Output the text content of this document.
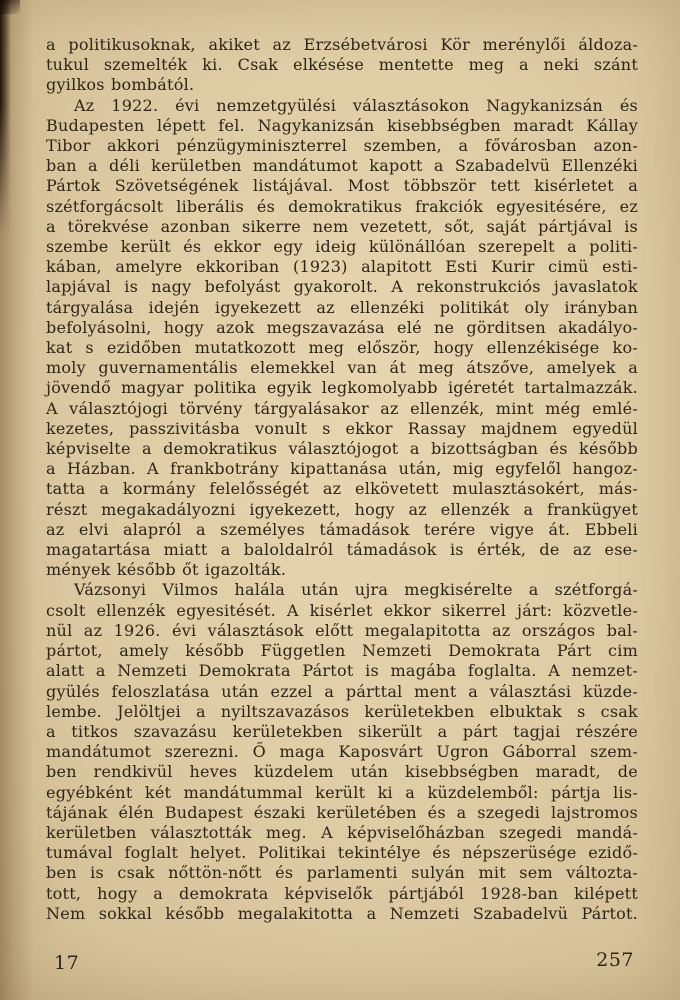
a politikusoknak, akiket az Erzsébetvárosi Kör merénylői áldoza-
tukul szemelték ki. Csak elkésése mentette meg a neki szánt
gyilkos bombától.
Az 1922. évi nemzetgyülési választásokon Nagykanizsán és
Budapesten lépett fel. Nagykanizsán kisebbségben maradt Kállay
Tibor akkori pénzügyminiszterrel szemben, a fővárosban azon-
ban a déli kerületben mandátumot kapott a Szabadelvü Ellenzéki
Pártok Szövetségének listájával. Most többször tett kisérletet a
szétforgácsolt liberális és demokratikus frakciók egyesitésére, ez
a törekvése azonban sikerre nem vezetett, sőt, saját pártjával is
szembe került és ekkor egy ideig különállóan szerepelt a politi-
kában, amelyre ekkoriban (1923) alapitott Esti Kurir cimü esti-
lapjával is nagy befolyást gyakorolt. A rekonstrukciós javaslatok
tárgyalása idején igyekezett az ellenzéki politikát oly irányban
befolyásolni, hogy azok megszavazása elé ne görditsen akadályo-
kat s ezidőben mutatkozott meg először, hogy ellenzékisége ko-
moly guvernamentális elemekkel van át meg átszőve, amelyek a
jövendő magyar politika egyik legkomolyabb igéretét tartalmazzák.
A választójogi törvény tárgyalásakor az ellenzék, mint még emlé-
kezetes, passzivitásba vonult s ekkor Rassay majdnem egyedül
képviselte a demokratikus választójogot a bizottságban és később
a Házban. A frankbotrány kipattanása után, mig egyfelől hangoz-
tatta a kormány felelősségét az elkövetett mulasztásokért, más-
részt megakadályozni igyekezett, hogy az ellenzék a frankügyet
az elvi alapról a személyes támadások terére vigye át. Ebbeli
magatartása miatt a baloldalról támadások is érték, de az ese-
mények később őt igazolták.
Vázsonyi Vilmos halála után ujra megkisérelte a szétforgá-
csolt ellenzék egyesitését. A kisérlet ekkor sikerrel járt: közvetle-
nül az 1926. évi választások előtt megalapitotta az országos bal-
pártot, amely később Független Nemzeti Demokrata Párt cim
alatt a Nemzeti Demokrata Pártot is magába foglalta. A nemzet-
gyülés feloszlatása után ezzel a párttal ment a választási küzde-
lembe. Jelöltjei a nyiltszavazásos kerületekben elbuktak s csak
a titkos szavazásu kerületekben sikerült a párt tagjai részére
mandátumot szerezni. Ő maga Kaposvárt Ugron Gáborral szem-
ben rendkivül heves küzdelem után kisebbségben maradt, de
egyébként két mandátummal került ki a küzdelemből: pártja lis-
tájának élén Budapest északi kerületében és a szegedi lajstromos
kerületben választották meg. A képviselőházban szegedi mandá-
tumával foglalt helyet. Politikai tekintélye és népszerüsége ezidő-
ben is csak nőttön-nőtt és parlamenti sulyán mit sem változta-
tott, hogy a demokrata képviselők pártjából 1928-ban kilépett
Nem sokkal később megalakitotta a Nemzeti Szabadelvü Pártot.
17	257
